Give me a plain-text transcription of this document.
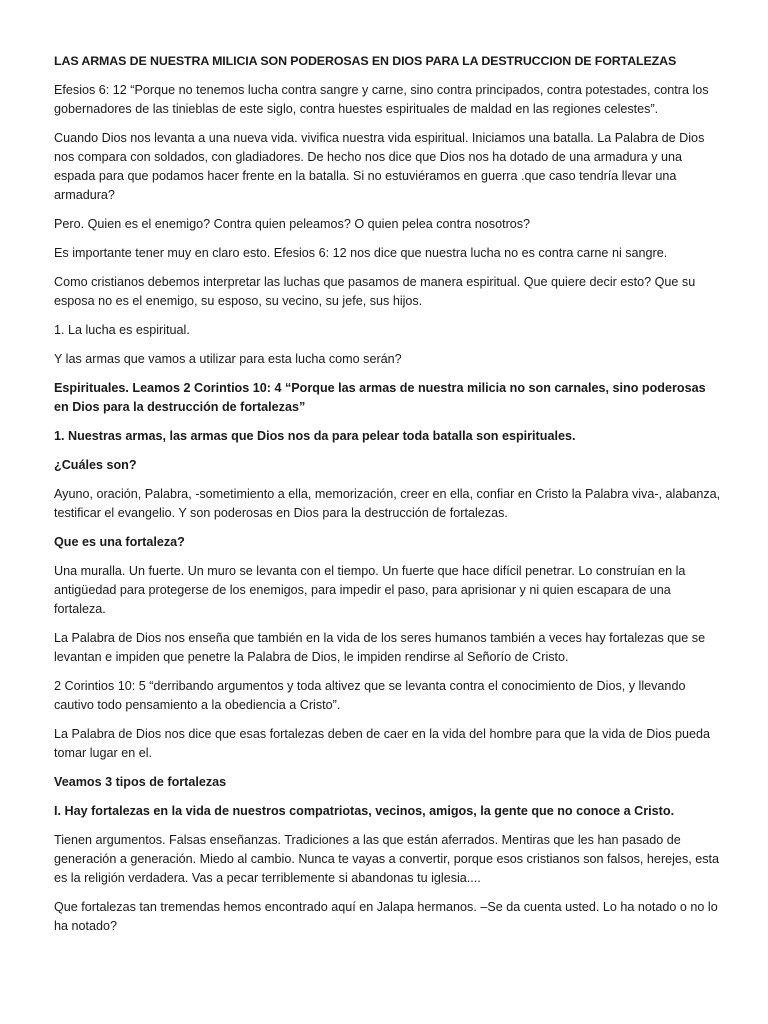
LAS ARMAS DE NUESTRA MILICIA SON PODEROSAS EN DIOS PARA LA DESTRUCCION DE FORTALEZAS
Efesios 6: 12 “Porque no tenemos lucha contra sangre y carne, sino contra principados, contra potestades, contra los gobernadores de las tinieblas de este siglo, contra huestes espirituales de maldad en las regiones celestes”.
Cuando Dios nos levanta a una nueva vida. vivifica nuestra vida espiritual. Iniciamos una batalla. La Palabra de Dios nos compara con soldados, con gladiadores. De hecho nos dice que Dios nos ha dotado de una armadura y una espada para que podamos hacer frente en la batalla. Si no estuviéramos en guerra .que caso tendría llevar una armadura?
Pero. Quien es el enemigo? Contra quien peleamos? O quien pelea contra nosotros?
Es importante tener muy en claro esto. Efesios 6: 12 nos dice que nuestra lucha no es contra carne ni sangre.
Como cristianos debemos interpretar las luchas que pasamos de manera espiritual. Que quiere decir esto? Que su esposa no es el enemigo, su esposo, su vecino, su jefe, sus hijos.
1. La lucha es espiritual.
Y las armas que vamos a utilizar para esta lucha como serán?
Espirituales. Leamos 2 Corintios 10: 4 “Porque las armas de nuestra milicia no son carnales, sino poderosas en Dios para la destrucción de fortalezas”
1. Nuestras armas, las armas que Dios nos da para pelear toda batalla son espirituales.
¿Cuáles son?
Ayuno, oración, Palabra, -sometimiento a ella, memorización, creer en ella, confiar en Cristo la Palabra viva-, alabanza, testificar el evangelio. Y son poderosas en Dios para la destrucción de fortalezas.
Que es una fortaleza?
Una muralla. Un fuerte. Un muro se levanta con el tiempo. Un fuerte que hace difícil penetrar. Lo construían en la antigüedad para protegerse de los enemigos, para impedir el paso, para aprisionar y ni quien escapara de una fortaleza.
La Palabra de Dios nos enseña que también en la vida de los seres humanos también a veces hay fortalezas que se levantan e impiden que penetre la Palabra de Dios, le impiden rendirse al Señorío de Cristo.
2 Corintios 10: 5 “derribando argumentos y toda altivez que se levanta contra el conocimiento de Dios, y llevando cautivo todo pensamiento a la obediencia a Cristo”.
La Palabra de Dios nos dice que esas fortalezas deben de caer en la vida del hombre para que la vida de Dios pueda tomar lugar en el.
Veamos 3 tipos de fortalezas
I. Hay fortalezas en la vida de nuestros compatriotas, vecinos, amigos, la gente que no conoce a Cristo.
Tienen argumentos. Falsas enseñanzas. Tradiciones a las que están aferrados. Mentiras que les han pasado de generación a generación. Miedo al cambio. Nunca te vayas a convertir, porque esos cristianos son falsos, herejes, esta es la religión verdadera. Vas a pecar terriblemente si abandonas tu iglesia....
Que fortalezas tan tremendas hemos encontrado aquí en Jalapa hermanos. –Se da cuenta usted. Lo ha notado o no lo ha notado?
